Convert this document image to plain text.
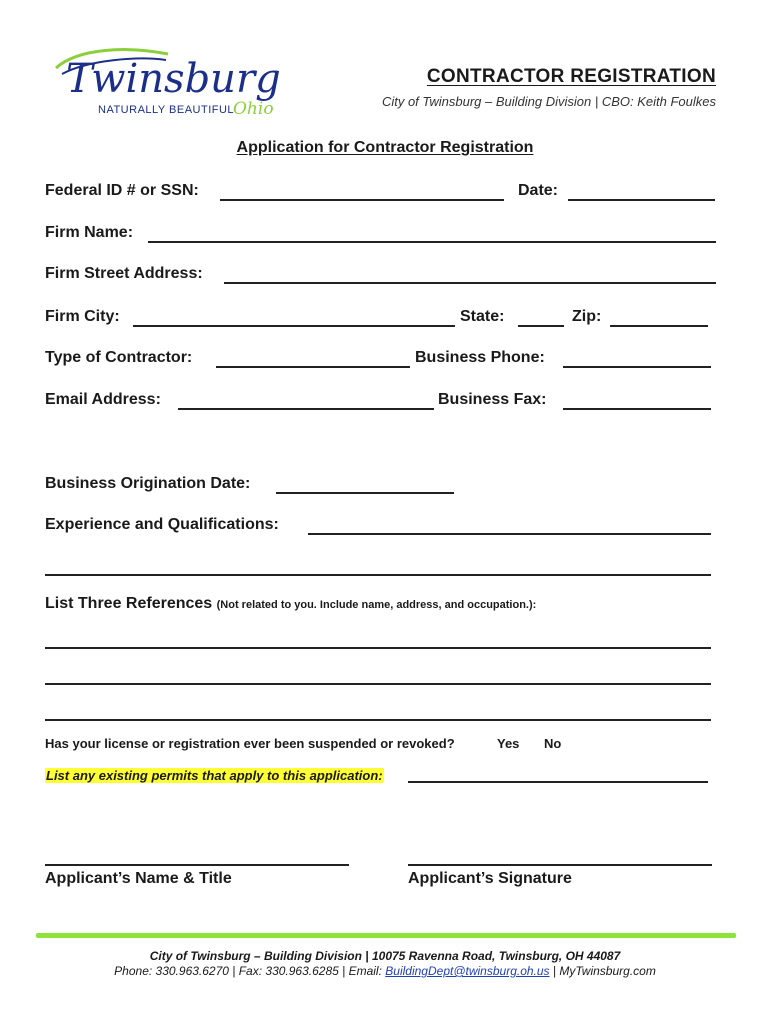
Twinsburg
NATURALLY BEAUTIFUL
Ohio
CONTRACTOR REGISTRATION
City of Twinsburg – Building Division | CBO: Keith Foulkes
Application for Contractor Registration
Federal ID # or SSN:	Date:
Firm Name:
Firm Street Address:
Firm City:	State:	Zip:
Type of Contractor:	Business Phone:
Email Address:	Business Fax:
Business Origination Date:
Experience and Qualifications:
List Three References (Not related to you. Include name, address, and occupation.):
Has your license or registration ever been suspended or revoked?	Yes No
List any existing permits that apply to this application:
Applicant’s Name & Title	Applicant’s Signature
City of Twinsburg – Building Division | 10075 Ravenna Road, Twinsburg, OH 44087
Phone: 330.963.6270 | Fax: 330.963.6285 | Email: BuildingDept@twinsburg.oh.us | MyTwinsburg.com
